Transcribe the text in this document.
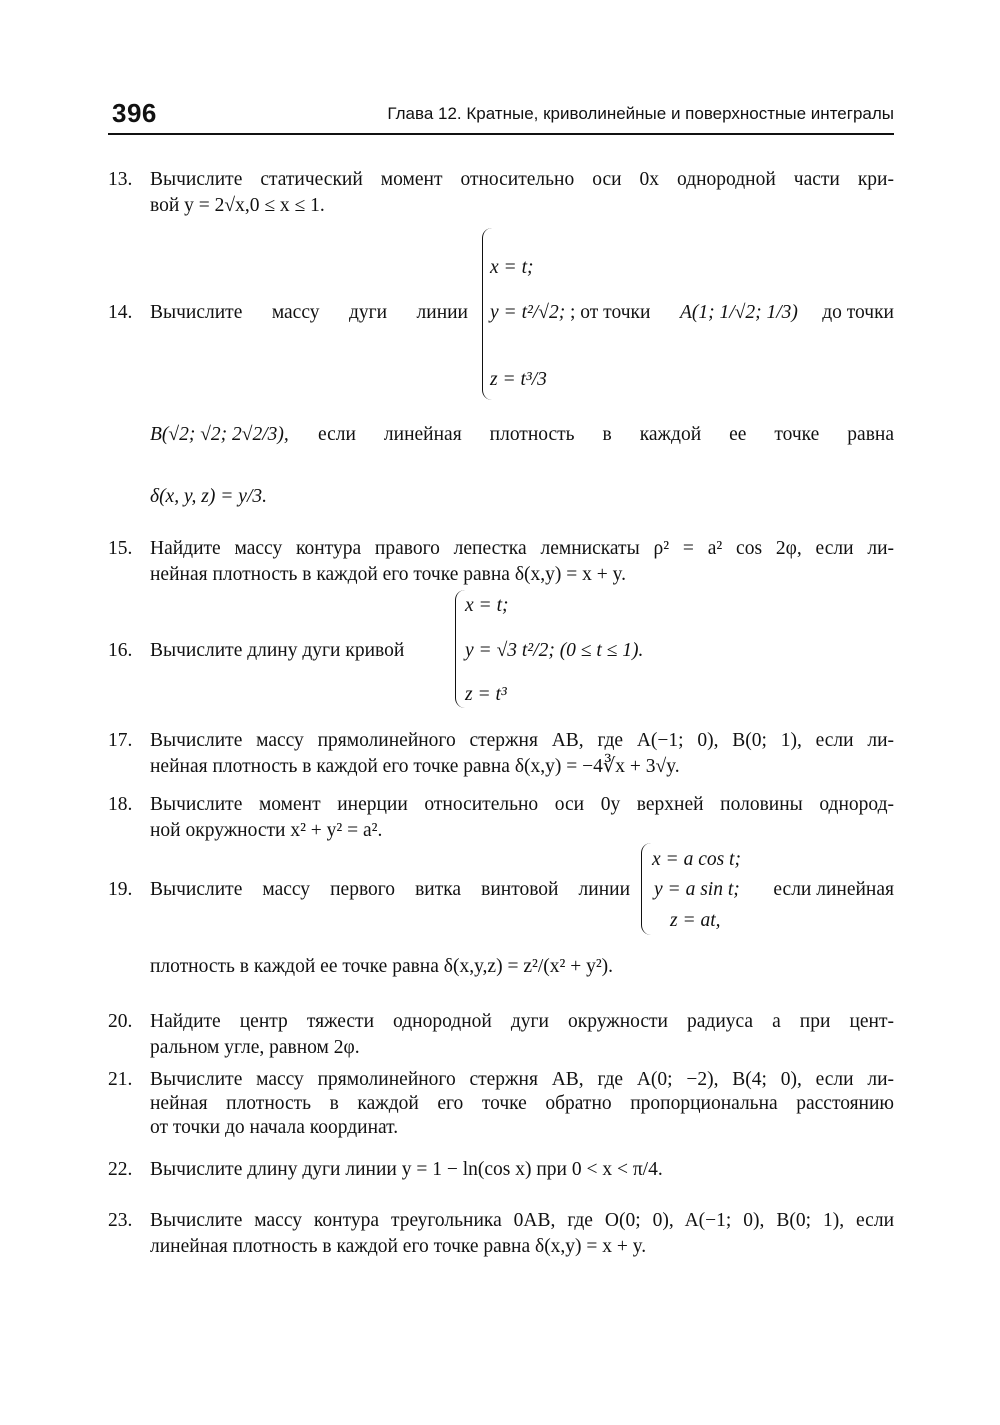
396	Глава 12. Кратные, криволинейные и поверхностные интегралы
13. Вычислите статический момент относительно оси 0x однородной части кри-
вой y = 2√x,0 ≤ x ≤ 1.
14. Вычислите массу дуги линии
x = t;
y = t²/√2;
z = t³/3
; от точки A(1; 1/√2; 1/3)	до точки
B(√2; √2; 2√2/3), если линейная плотность в каждой ее точке равна
δ(x, y, z) = y/3.
15. Найдите массу контура правого лепестка лемнискаты ρ² = a² cos 2φ, если ли-
нейная плотность в каждой его точке равна δ(x,y) = x + y.
16. Вычислите длину дуги кривой
x = t;
y = √3 t²/2; (0 ≤ t ≤ 1).
z = t³
17. Вычислите массу прямолинейного стержня AB, где A(−1; 0), B(0; 1), если ли-
нейная плотность в каждой его точке равна δ(x,y) = −4∛x + 3√y.
18. Вычислите момент инерции относительно оси 0y верхней половины однород-
ной окружности x² + y² = a².
19. Вычислите массу первого витка винтовой линии
x = a cos t;
y = a sin t;
z = at,
если линейная
плотность в каждой ее точке равна δ(x,y,z) = z²/(x² + y²).
20. Найдите центр тяжести однородной дуги окружности радиуса a при цент-
ральном угле, равном 2φ.
21. Вычислите массу прямолинейного стержня AB, где A(0; −2), B(4; 0), если ли-
нейная плотность в каждой его точке обратно пропорциональна расстоянию
от точки до начала координат.
22. Вычислите длину дуги линии y = 1 − ln(cos x) при 0 < x < π/4.
23. Вычислите массу контура треугольника 0AB, где O(0; 0), A(−1; 0), B(0; 1), если
линейная плотность в каждой его точке равна δ(x,y) = x + y.
